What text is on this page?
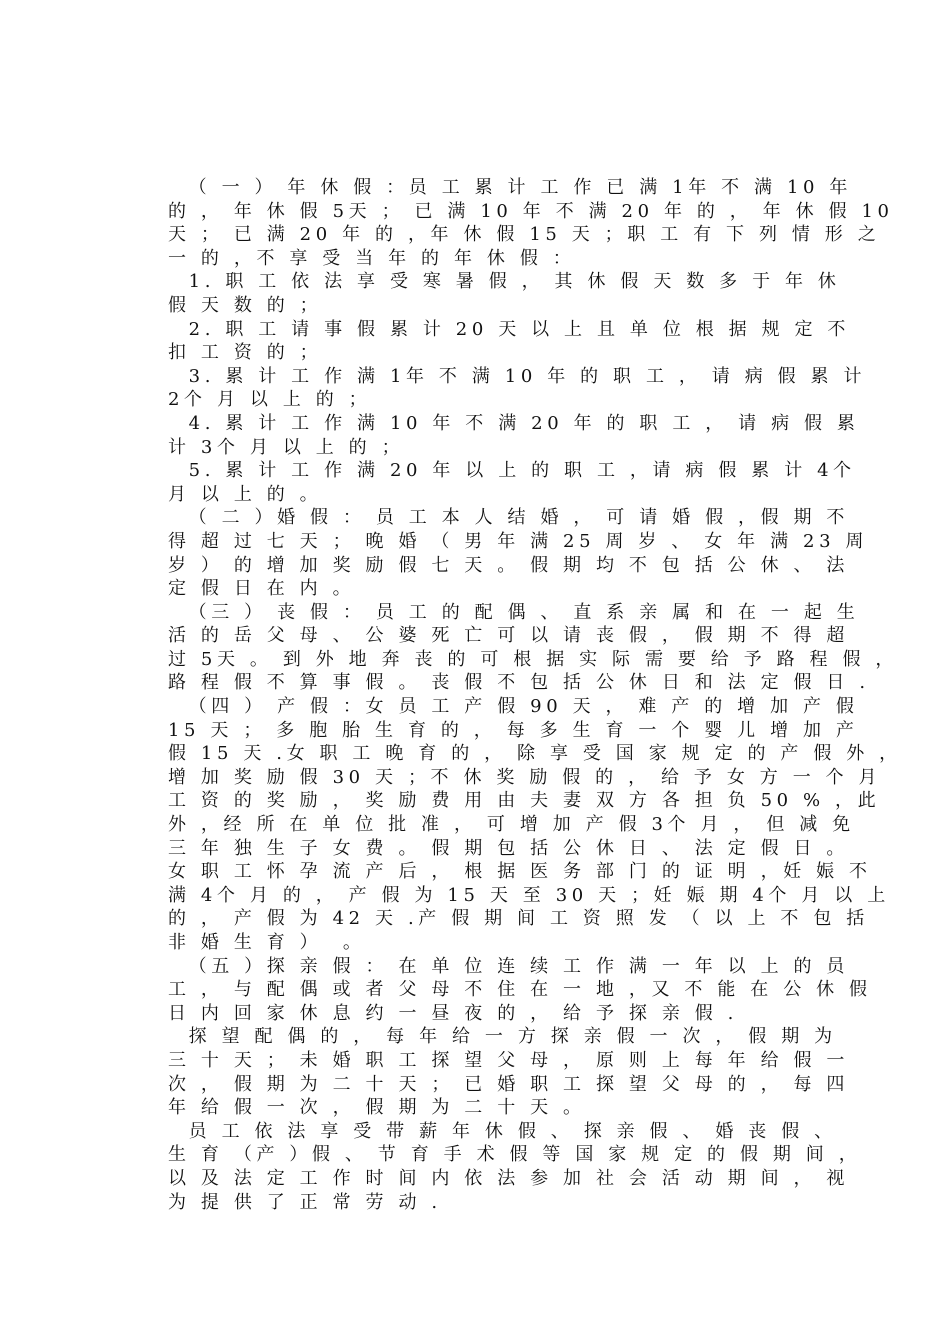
（ 一 ） 年 休 假 ：员 工 累 计 工 作 已 满 1年 不 满 10 年
的 ， 年 休 假 5天 ； 已 满 10 年 不 满 20 年 的 ， 年 休 假 10
天 ； 已 满 20 年 的 ，年 休 假 15 天 ；职 工 有 下 列 情 形 之
一 的 ，不 享 受 当 年 的 年 休 假 ：
1. 职 工 依 法 享 受 寒 暑 假 ， 其 休 假 天 数 多 于 年 休
假 天 数 的 ；
2. 职 工 请 事 假 累 计 20 天 以 上 且 单 位 根 据 规 定 不
扣 工 资 的 ；
3. 累 计 工 作 满 1年 不 满 10 年 的 职 工 ， 请 病 假 累 计
2个 月 以 上 的 ；
4. 累 计 工 作 满 10 年 不 满 20 年 的 职 工 ， 请 病 假 累
计 3个 月 以 上 的 ；
5. 累 计 工 作 满 20 年 以 上 的 职 工 ，请 病 假 累 计 4个
月 以 上 的 。
（ 二 ）婚 假 ： 员 工 本 人 结 婚 ， 可 请 婚 假 ，假 期 不
得 超 过 七 天 ； 晚 婚 （ 男 年 满 25 周 岁 、 女 年 满 23 周
岁 ） 的 增 加 奖 励 假 七 天 。 假 期 均 不 包 括 公 休 、 法
定 假 日 在 内 。
（三 ） 丧 假 ： 员 工 的 配 偶 、 直 系 亲 属 和 在 一 起 生
活 的 岳 父 母 、 公 婆 死 亡 可 以 请 丧 假 ， 假 期 不 得 超
过 5天 。 到 外 地 奔 丧 的 可 根 据 实 际 需 要 给 予 路 程 假 ，
路 程 假 不 算 事 假 。 丧 假 不 包 括 公 休 日 和 法 定 假 日 .
（四 ） 产 假 ：女 员 工 产 假 90 天 ， 难 产 的 增 加 产 假
15 天 ； 多 胞 胎 生 育 的 ， 每 多 生 育 一 个 婴 儿 增 加 产
假 15 天 .女 职 工 晚 育 的 ， 除 享 受 国 家 规 定 的 产 假 外 ，
增 加 奖 励 假 30 天 ；不 休 奖 励 假 的 ， 给 予 女 方 一 个 月
工 资 的 奖 励 ， 奖 励 费 用 由 夫 妻 双 方 各 担 负 50 % ，此
外 ，经 所 在 单 位 批 准 ， 可 增 加 产 假 3个 月 ， 但 减 免
三 年 独 生 子 女 费 。 假 期 包 括 公 休 日 、 法 定 假 日 。
女 职 工 怀 孕 流 产 后 ， 根 据 医 务 部 门 的 证 明 ，妊 娠 不
满 4个 月 的 ， 产 假 为 15 天 至 30 天 ；妊 娠 期 4个 月 以 上
的 ， 产 假 为 42 天 .产 假 期 间 工 资 照 发 （ 以 上 不 包 括
非 婚 生 育 ）  。
（五 ）探 亲 假 ： 在 单 位 连 续 工 作 满 一 年 以 上 的 员
工 ， 与 配 偶 或 者 父 母 不 住 在 一 地 ，又 不 能 在 公 休 假
日 内 回 家 休 息 约 一 昼 夜 的 ， 给 予 探 亲 假 .
探 望 配 偶 的 ， 每 年 给 一 方 探 亲 假 一 次 ， 假 期 为
三 十 天 ； 未 婚 职 工 探 望 父 母 ， 原 则 上 每 年 给 假 一
次 ， 假 期 为 二 十 天 ； 已 婚 职 工 探 望 父 母 的 ， 每 四
年 给 假 一 次 ， 假 期 为 二 十 天 。
员 工 依 法 享 受 带 薪 年 休 假 、 探 亲 假 、 婚 丧 假 、
生 育 （产 ）假 、 节 育 手 术 假 等 国 家 规 定 的 假 期 间 ，
以 及 法 定 工 作 时 间 内 依 法 参 加 社 会 活 动 期 间 ， 视
为 提 供 了 正 常 劳 动 .
